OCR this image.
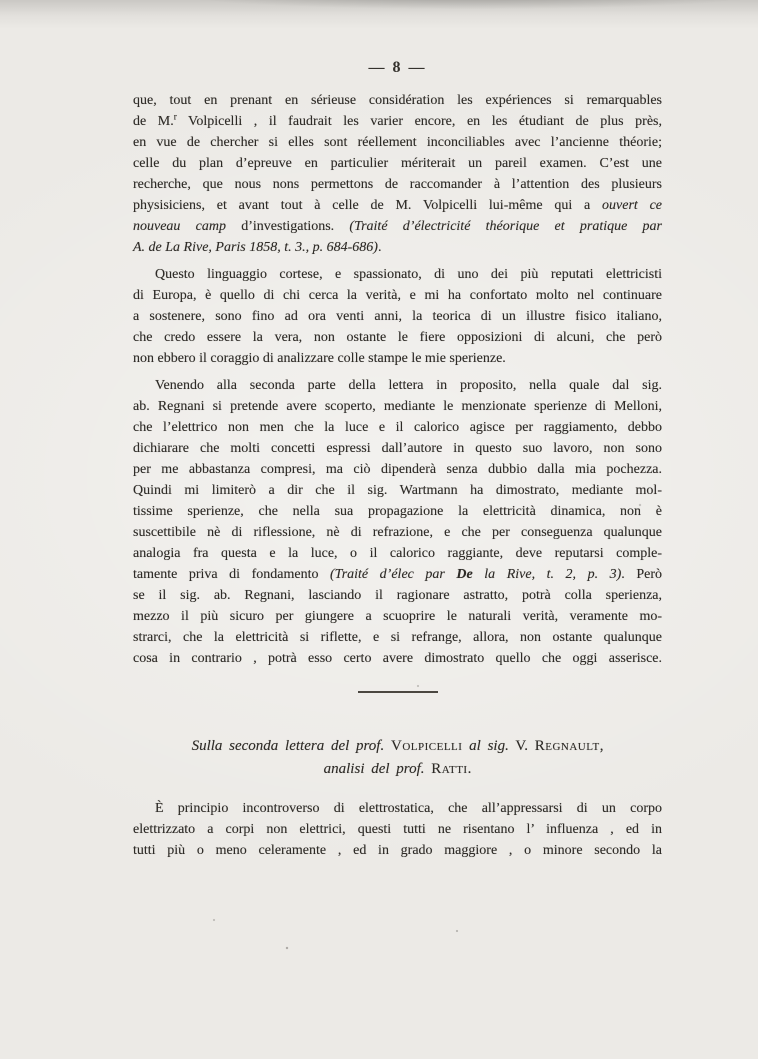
— 8 —
que, tout en prenant en sérieuse considération les expériences si remarquables
de M.$^r$ Volpicelli , il faudrait les varier encore, en les étudiant de plus près,
en vue de chercher si elles sont réellement inconciliables avec l’ancienne théorie;
celle du plan d’epreuve en particulier mériterait un pareil examen. C’est une
recherche, que nous nons permettons de raccomander à l’attention des plusieurs
physisiciens, et avant tout à celle de M. Volpicelli lui-même qui a ouvert ce
nouveau camp d’investigations. (Traité d’électricité théorique et pratique par
A. de La Rive, Paris 1858, t. 3., p. 684-686).
Questo linguaggio cortese, e spassionato, di uno dei più reputati elettricisti
di Europa, è quello di chi cerca la verità, e mi ha confortato molto nel continuare
a sostenere, sono fino ad ora venti anni, la teorica di un illustre fisico italiano,
che credo essere la vera, non ostante le fiere opposizioni di alcuni, che però
non ebbero il coraggio di analizzare colle stampe le mie sperienze.
Venendo alla seconda parte della lettera in proposito, nella quale dal sig.
ab. Regnani si pretende avere scoperto, mediante le menzionate sperienze di Melloni,
che l’elettrico non men che la luce e il calorico agisce per raggiamento, debbo
dichiarare che molti concetti espressi dall’autore in questo suo lavoro, non sono
per me abbastanza compresi, ma ciò dipenderà senza dubbio dalla mia pochezza.
Quindi mi limiterò a dir che il sig. Wartmann ha dimostrato, mediante mol-
tissime sperienze, che nella sua propagazione la elettricità dinamica, non è
suscettibile nè di riflessione, nè di refrazione, e che per conseguenza qualunque
analogia fra questa e la luce, o il calorico raggiante, deve reputarsi comple-
tamente priva di fondamento (Traité d’élec par De la Rive, t. 2, p. 3). Però
se il sig. ab. Regnani, lasciando il ragionare astratto, potrà colla sperienza,
mezzo il più sicuro per giungere a scuoprire le naturali verità, veramente mo-
strarci, che la elettricità si riflette, e si refrange, allora, non ostante qualunque
cosa in contrario , potrà esso certo avere dimostrato quello che oggi asserisce.
Sulla seconda lettera del prof. Volpicelli al sig. V. Regnault,
analisi del prof. Ratti.
È principio incontroverso di elettrostatica, che all’appressarsi di un corpo
elettrizzato a corpi non elettrici, questi tutti ne risentano l’ influenza , ed in
tutti più o meno celeramente , ed in grado maggiore , o minore secondo la
